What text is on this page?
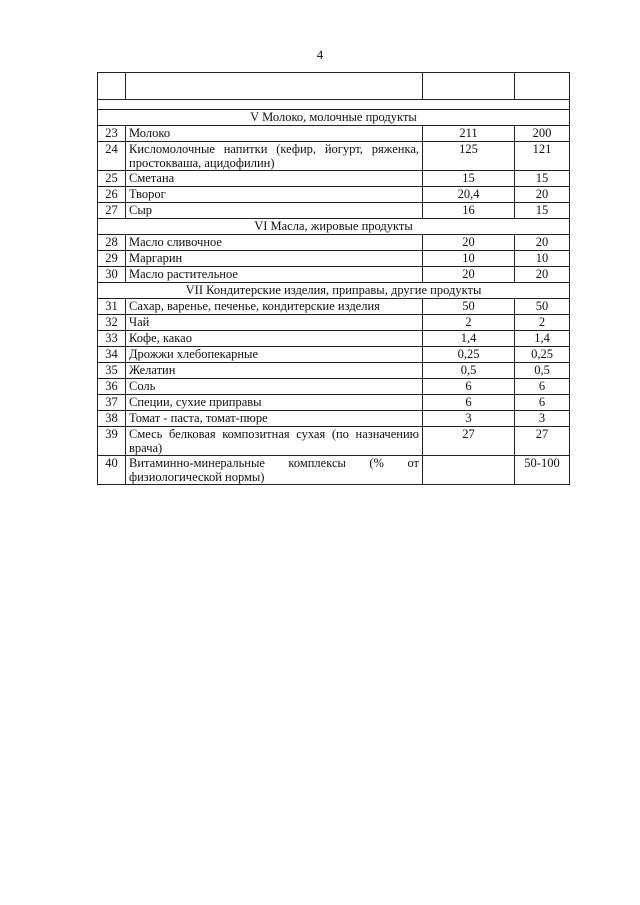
4

V Молоко, молочные продукты			
23	Молоко	211	200
24	Кисломолочные напитки (кефир, йогурт, ряженка, простокваша, ацидофилин)	125	121
25	Сметана	15	15
26	Творог	20,4	20
27	Сыр	16	15
VI Масла, жировые продукты			
28	Масло сливочное	20	20
29	Маргарин	10	10
30	Масло растительное	20	20
VII Кондитерские изделия, приправы, другие продукты			
31	Сахар, варенье, печенье, кондитерские изделия	50	50
32	Чай	2	2
33	Кофе, какао	1,4	1,4
34	Дрожжи хлебопекарные	0,25	0,25
35	Желатин	0,5	0,5
36	Соль	6	6
37	Специи, сухие приправы	6	6
38	Томат - паста, томат-пюре	3	3
39	Смесь белковая композитная сухая (по назначению врача)	27	27
40	Витаминно-минеральные комплексы (% от физиологической нормы)		50-100
